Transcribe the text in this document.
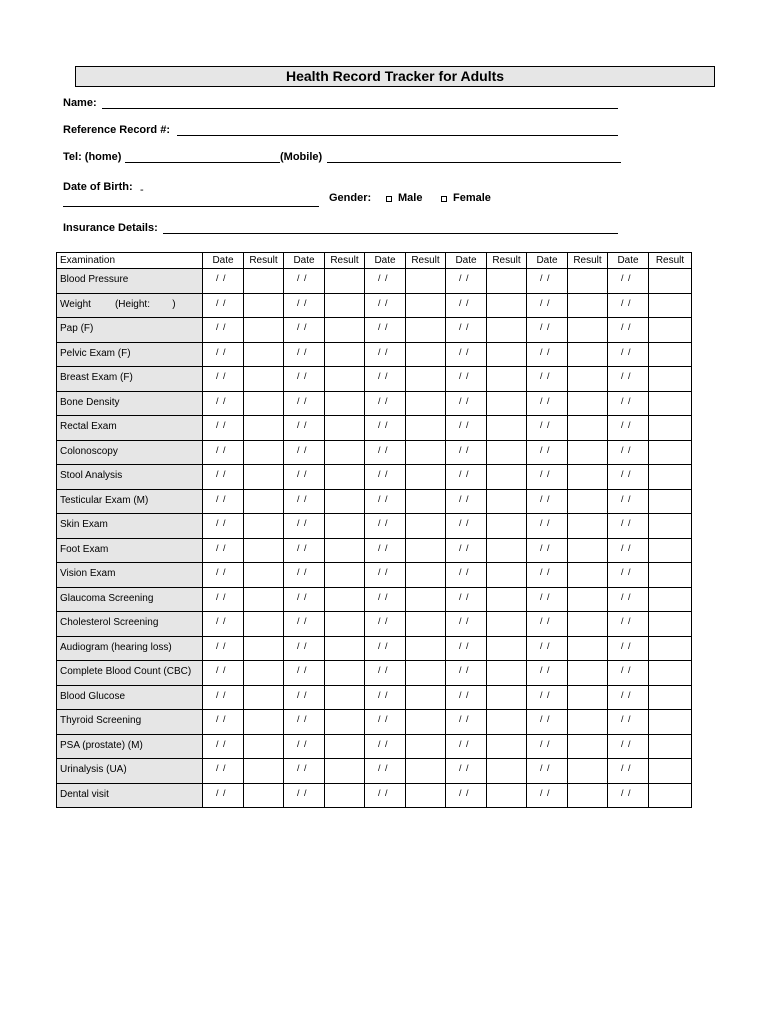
Health Record Tracker for Adults
Name:
Reference Record #:
Tel: (home)	(Mobile)
Date of Birth: -
Gender: Male	Female
Insurance Details:
Examination	Date	Result	Date	Result	Date	Result	Date	Result	Date	Result	Date	Result
Blood Pressure	/ /		/ /		/ /		/ /		/ /		/ /	
Weight (Height:        )	/ /		/ /		/ /		/ /		/ /		/ /	
Pap (F)	/ /		/ /		/ /		/ /		/ /		/ /	
Pelvic Exam (F)	/ /		/ /		/ /		/ /		/ /		/ /	
Breast Exam (F)	/ /		/ /		/ /		/ /		/ /		/ /	
Bone Density	/ /		/ /		/ /		/ /		/ /		/ /	
Rectal Exam	/ /		/ /		/ /		/ /		/ /		/ /	
Colonoscopy	/ /		/ /		/ /		/ /		/ /		/ /	
Stool Analysis	/ /		/ /		/ /		/ /		/ /		/ /	
Testicular Exam (M)	/ /		/ /		/ /		/ /		/ /		/ /	
Skin Exam	/ /		/ /		/ /		/ /		/ /		/ /	
Foot Exam	/ /		/ /		/ /		/ /		/ /		/ /	
Vision Exam	/ /		/ /		/ /		/ /		/ /		/ /	
Glaucoma Screening	/ /		/ /		/ /		/ /		/ /		/ /	
Cholesterol Screening	/ /		/ /		/ /		/ /		/ /		/ /	
Audiogram (hearing loss)	/ /		/ /		/ /		/ /		/ /		/ /	
Complete Blood Count (CBC)	/ /		/ /		/ /		/ /		/ /		/ /	
Blood Glucose	/ /		/ /		/ /		/ /		/ /		/ /	
Thyroid Screening	/ /		/ /		/ /		/ /		/ /		/ /	
PSA (prostate) (M)	/ /		/ /		/ /		/ /		/ /		/ /	
Urinalysis (UA)	/ /		/ /		/ /		/ /		/ /		/ /	
Dental visit	/ /		/ /		/ /		/ /		/ /		/ /	
